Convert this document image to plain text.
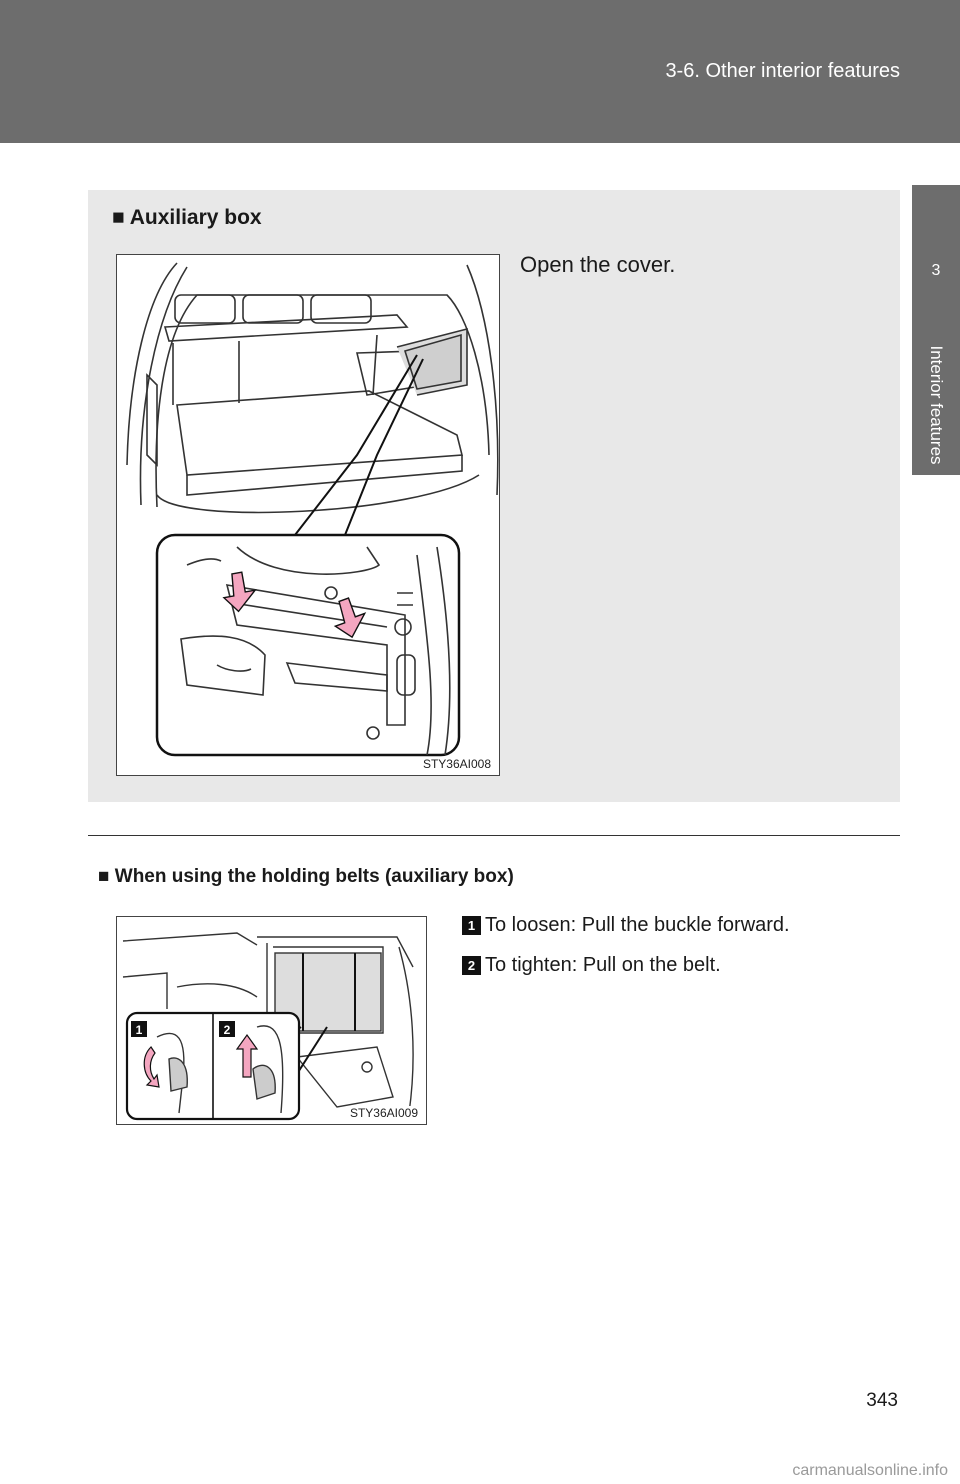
3-6. Other interior features
Interior features
3
■ Auxiliary box
Open the cover.
STY36AI008
■ When using the holding belts (auxiliary box)
1	2
STY36AI009
1 To loosen: Pull the buckle forward.
2 To tighten: Pull on the belt.
343
carmanualsonline.info
